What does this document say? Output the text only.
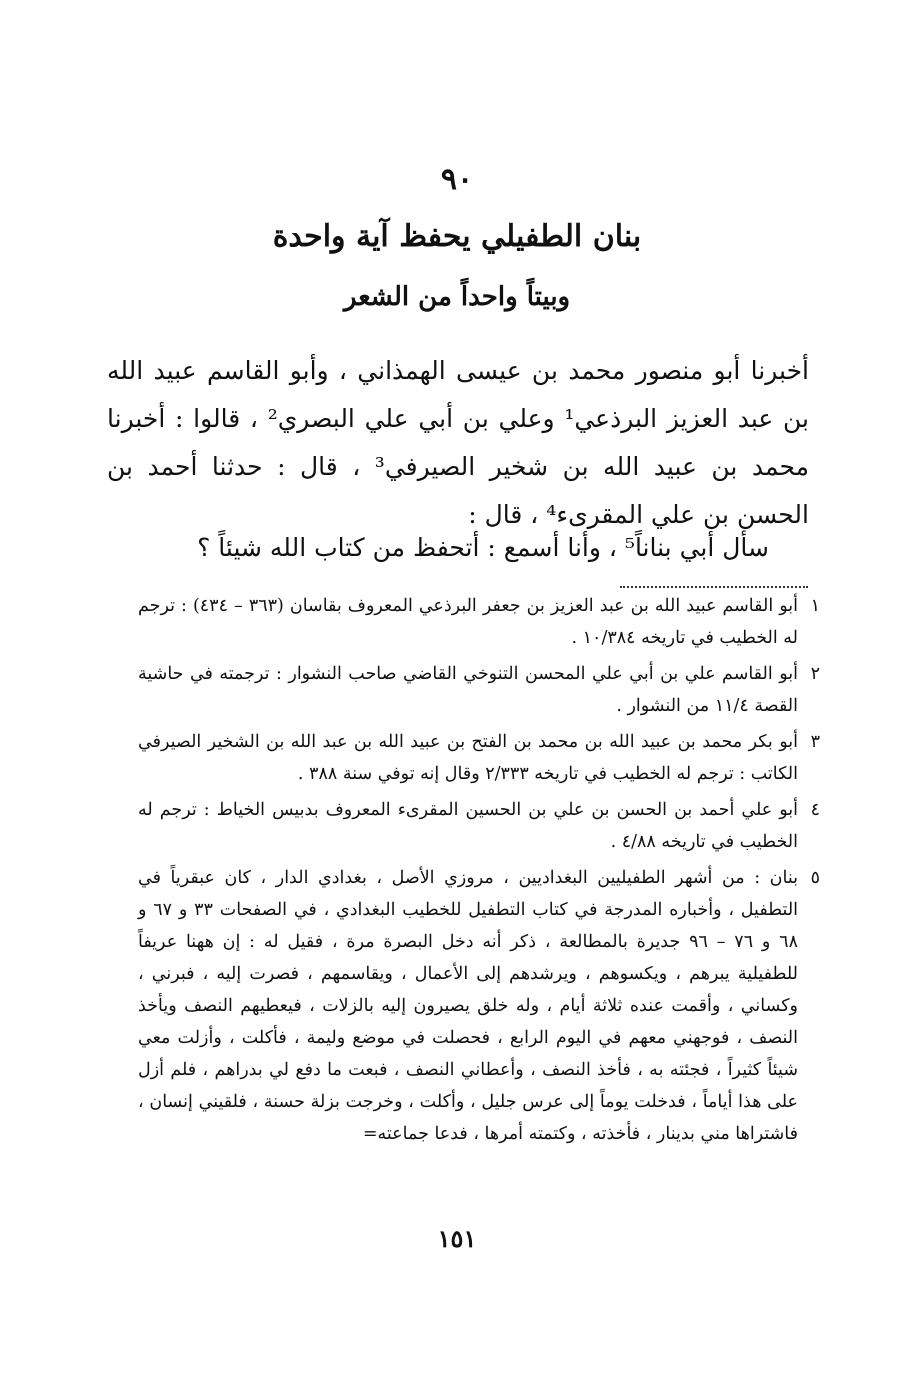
٩٠
بنان الطفيلي يحفظ آية واحدة
وبيتاً واحداً من الشعر

أخبرنا أبو منصور محمد بن عيسى الهمذاني ، وأبو القاسم عبيد الله بن عبد العزيز البرذعي¹ وعلي بن أبي علي البصري² ، قالوا : أخبرنا محمد بن عبيد الله بن شخير الصيرفي³ ، قال : حدثنا أحمد بن الحسن بن علي المقرىء⁴ ، قال :

سأل أبي بناناً⁵ ، وأنا أسمع : أتحفظ من كتاب الله شيئاً ؟
١
أبو القاسم عبيد الله بن عبد العزيز بن جعفر البرذعي المعروف بقاسان (٣٦٣ – ٤٣٤) : ترجم له الخطيب في تاريخه ١٠/٣٨٤ .
٢
أبو القاسم علي بن أبي علي المحسن التنوخي القاضي صاحب النشوار : ترجمته في حاشية القصة ١١/٤ من النشوار .
٣
أبو بكر محمد بن عبيد الله بن محمد بن الفتح بن عبيد الله بن عبد الله بن الشخير الصيرفي الكاتب : ترجم له الخطيب في تاريخه ٢/٣٣٣ وقال إنه توفي سنة ٣٨٨ .
٤
أبو علي أحمد بن الحسن بن علي بن الحسين المقرىء المعروف بدبيس الخياط : ترجم له الخطيب في تاريخه ٤/٨٨ .
٥
بنان : من أشهر الطفيليين البغداديين ، مروزي الأصل ، بغدادي الدار ، كان عبقرياً في التطفيل ، وأخباره المدرجة في كتاب التطفيل للخطيب البغدادي ، في الصفحات ٣٣ و ٦٧ و ٦٨ و ٧٦ – ٩٦ جديرة بالمطالعة ، ذكر أنه دخل البصرة مرة ، فقيل له : إن ههنا عريفاً للطفيلية يبرهم ، ويكسوهم ، ويرشدهم إلى الأعمال ، ويقاسمهم ، فصرت إليه ، فبرني ، وكساني ، وأقمت عنده ثلاثة أيام ، وله خلق يصيرون إليه بالزلات ، فيعطيهم النصف ويأخذ النصف ، فوجهني معهم في اليوم الرابع ، فحصلت في موضع وليمة ، فأكلت ، وأزلت معي شيئاً كثيراً ، فجئته به ، فأخذ النصف ، وأعطاني النصف ، فبعت ما دفع لي بدراهم ، فلم أزل على هذا أياماً ، فدخلت يوماً إلى عرس جليل ، وأكلت ، وخرجت بزلة حسنة ، فلقيني إنسان ، فاشتراها مني بدينار ، فأخذته ، وكتمته أمرها ، فدعا جماعته=
١٥١
